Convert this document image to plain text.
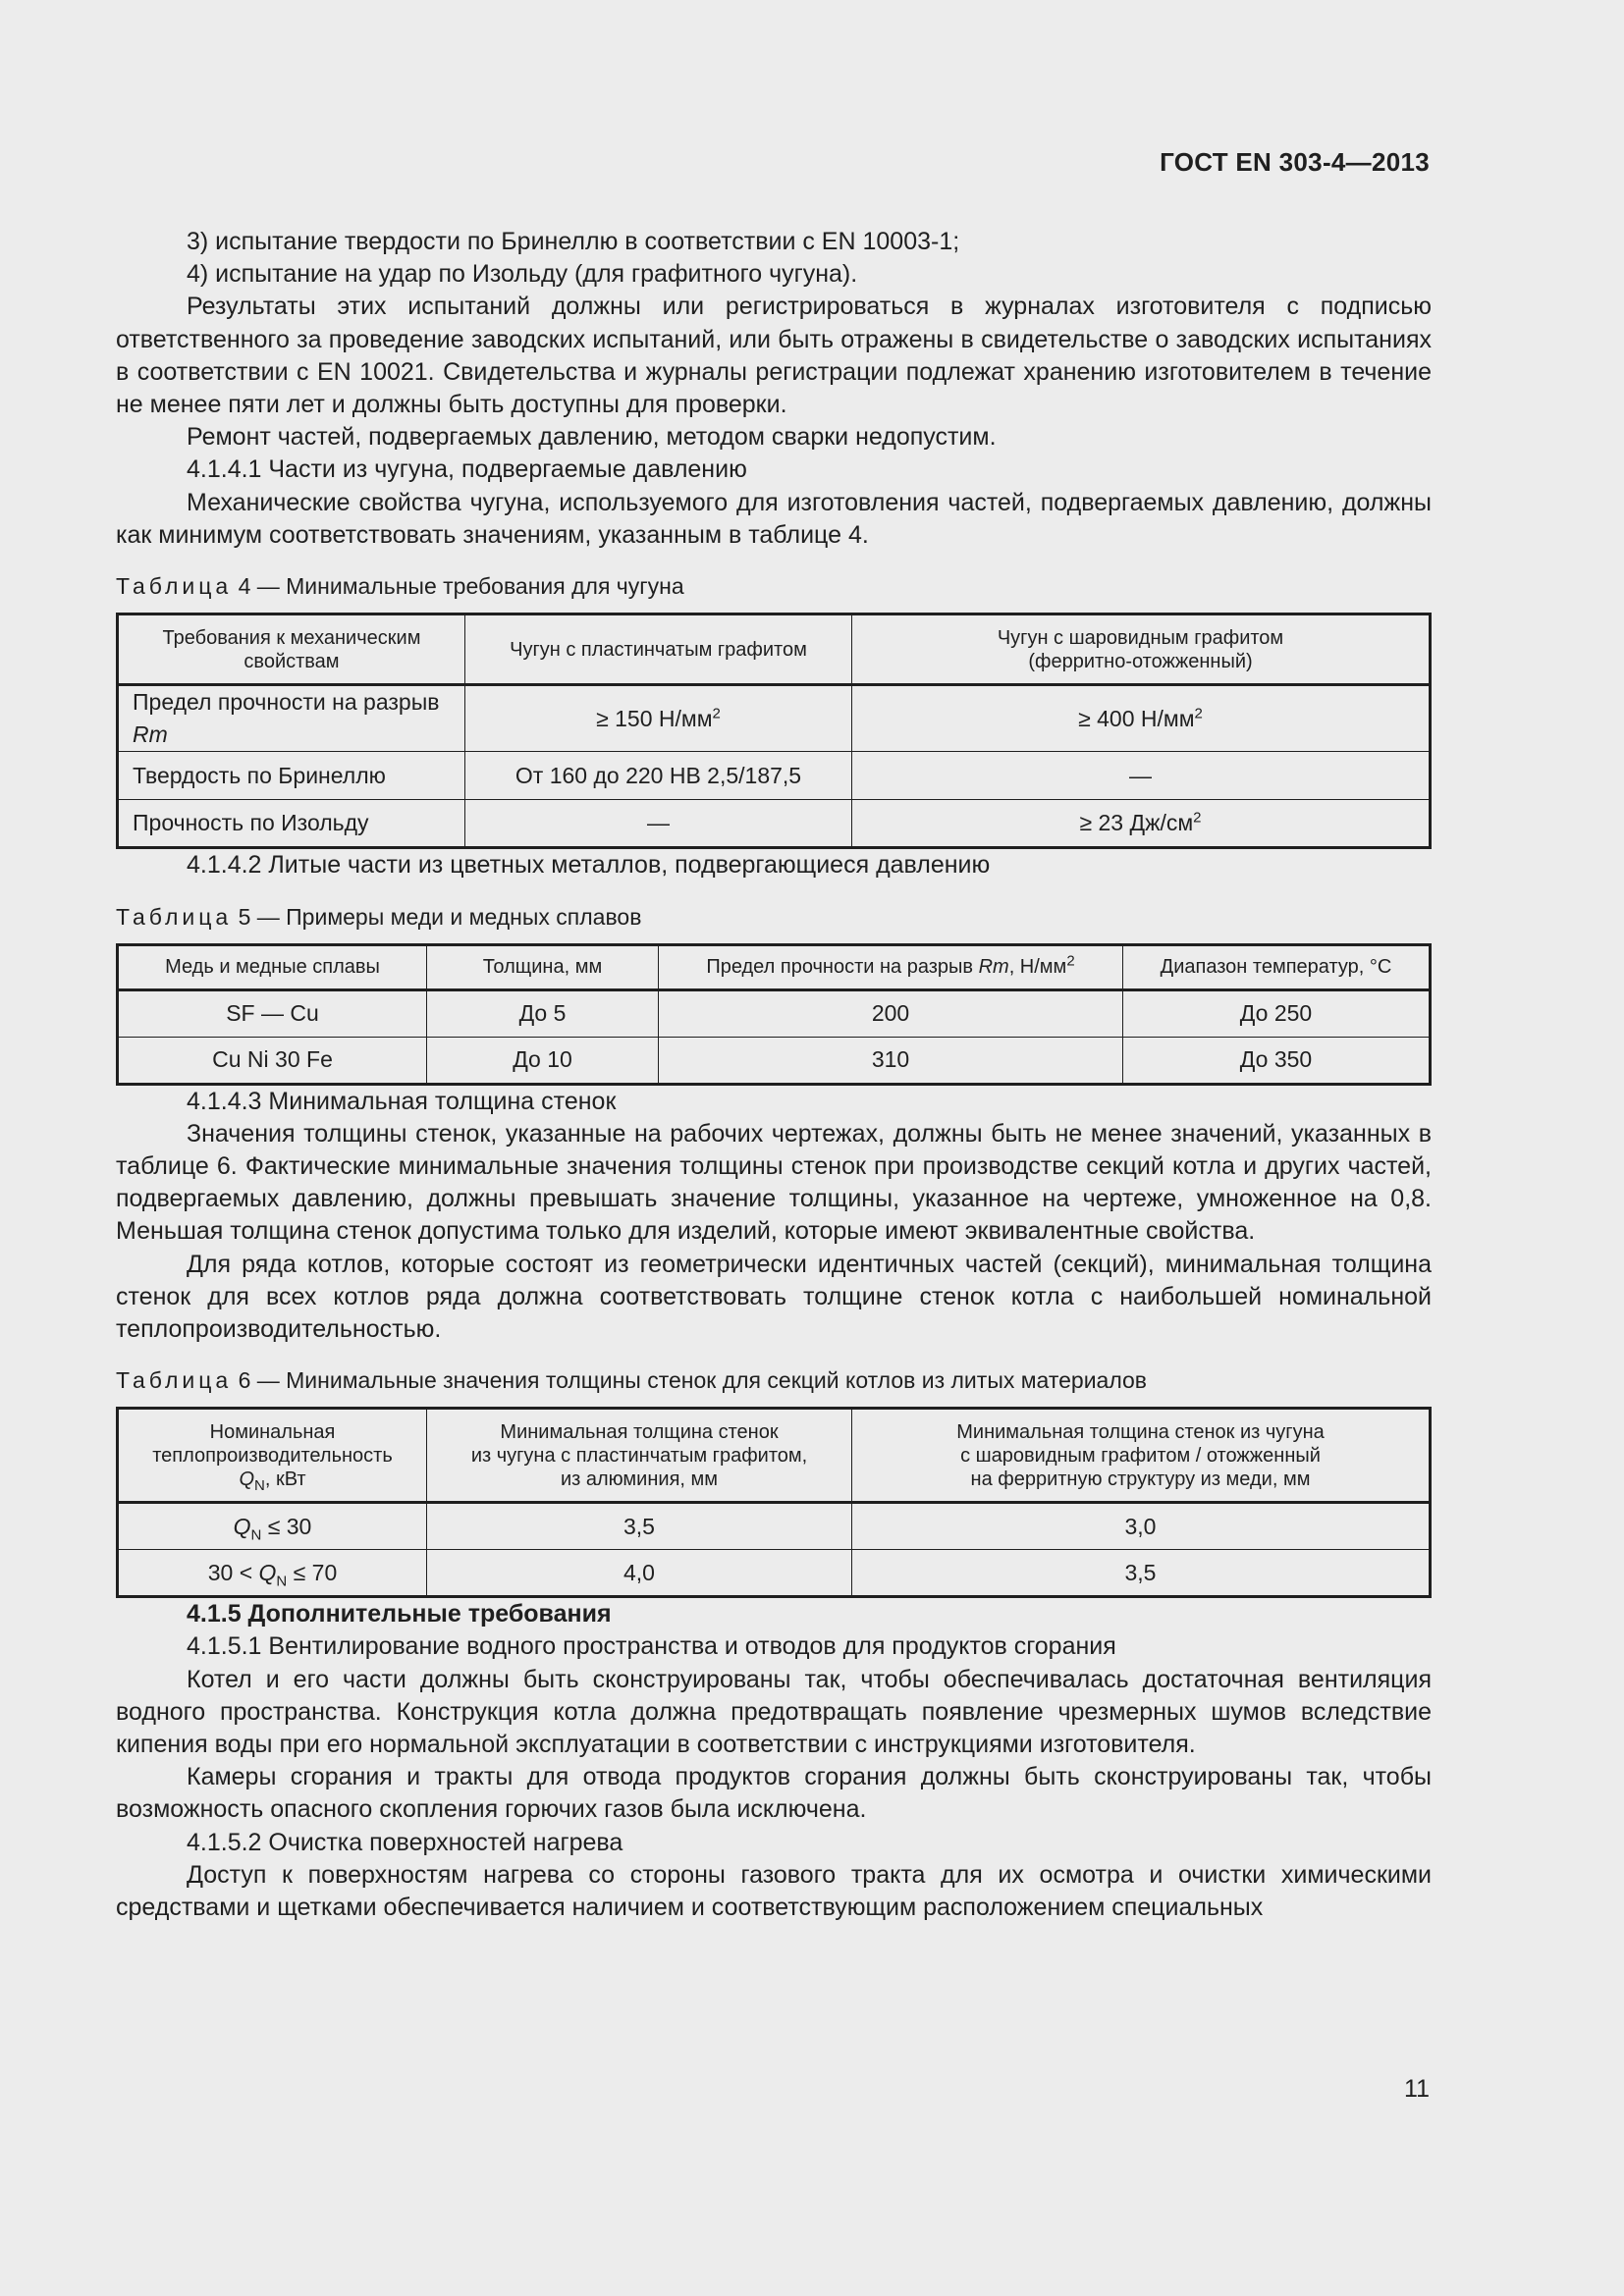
ГОСТ EN 303-4—2013

3) испытание твердости по Бринеллю в соответствии с EN 10003-1;

4) испытание на удар по Изольду (для графитного чугуна).

Результаты этих испытаний должны или регистрироваться в журналах изготовителя с подписью ответственного за проведение заводских испытаний, или быть отражены в свидетельстве о заводских испытаниях в соответствии с EN 10021. Свидетельства и журналы регистрации подлежат хранению изготовителем в течение не менее пяти лет и должны быть доступны для проверки.

Ремонт частей, подвергаемых давлению, методом сварки недопустим.

4.1.4.1 Части из чугуна, подвергаемые давлению

Механические свойства чугуна, используемого для изготовления частей, подвергаемых давлению, должны как минимум соответствовать значениям, указанным в таблице 4.

Таблица 4 — Минимальные требования для чугуна
Требования к механическим свойствам	Чугун с пластинчатым графитом	Чугун с шаровидным графитом
(ферритно-отожженный)
Предел прочности на разрыв Rm	≥ 150 $Н/мм^2$	≥ 400 $Н/мм^2$
Твердость по Бринеллю	От 160 до 220 НВ 2,5/187,5	—
Прочность по Изольду	—	≥ 23 $Дж/см^2$

4.1.4.2 Литые части из цветных металлов, подвергающиеся давлению

Таблица 5 — Примеры меди и медных сплавов
Медь и медные сплавы	Толщина, мм	Предел прочности на разрыв Rm, $Н/мм^2$	Диапазон температур, °С
SF — Cu	До 5	200	До 250
Cu Ni 30 Fe	До 10	310	До 350

4.1.4.3 Минимальная толщина стенок

Значения толщины стенок, указанные на рабочих чертежах, должны быть не менее значений, указанных в таблице 6. Фактические минимальные значения толщины стенок при производстве секций котла и других частей, подвергаемых давлению, должны превышать значение толщины, указанное на чертеже, умноженное на 0,8. Меньшая толщина стенок допустима только для изделий, которые имеют эквивалентные свойства.

Для ряда котлов, которые состоят из геометрически идентичных частей (секций), минимальная толщина стенок для всех котлов ряда должна соответствовать толщине стенок котла с наибольшей номинальной теплопроизводительностью.

Таблица 6 — Минимальные значения толщины стенок для секций котлов из литых материалов
Номинальная
теплопроизводительность
$Q_N$, кВт	Минимальная толщина стенок
из чугуна с пластинчатым графитом,
из алюминия, мм	Минимальная толщина стенок из чугуна
с шаровидным графитом / отожженный
на ферритную структуру из меди, мм
$Q_N \le 30$	3,5	3,0
$30 < Q_N \le 70$	4,0	3,5

4.1.5 Дополнительные требования

4.1.5.1 Вентилирование водного пространства и отводов для продуктов сгорания

Котел и его части должны быть сконструированы так, чтобы обеспечивалась достаточная вентиляция водного пространства. Конструкция котла должна предотвращать появление чрезмерных шумов вследствие кипения воды при его нормальной эксплуатации в соответствии с инструкциями изготовителя.

Камеры сгорания и тракты для отвода продуктов сгорания должны быть сконструированы так, чтобы возможность опасного скопления горючих газов была исключена.

4.1.5.2 Очистка поверхностей нагрева

Доступ к поверхностям нагрева со стороны газового тракта для их осмотра и очистки химическими средствами и щетками обеспечивается наличием и соответствующим расположением специальных

11
